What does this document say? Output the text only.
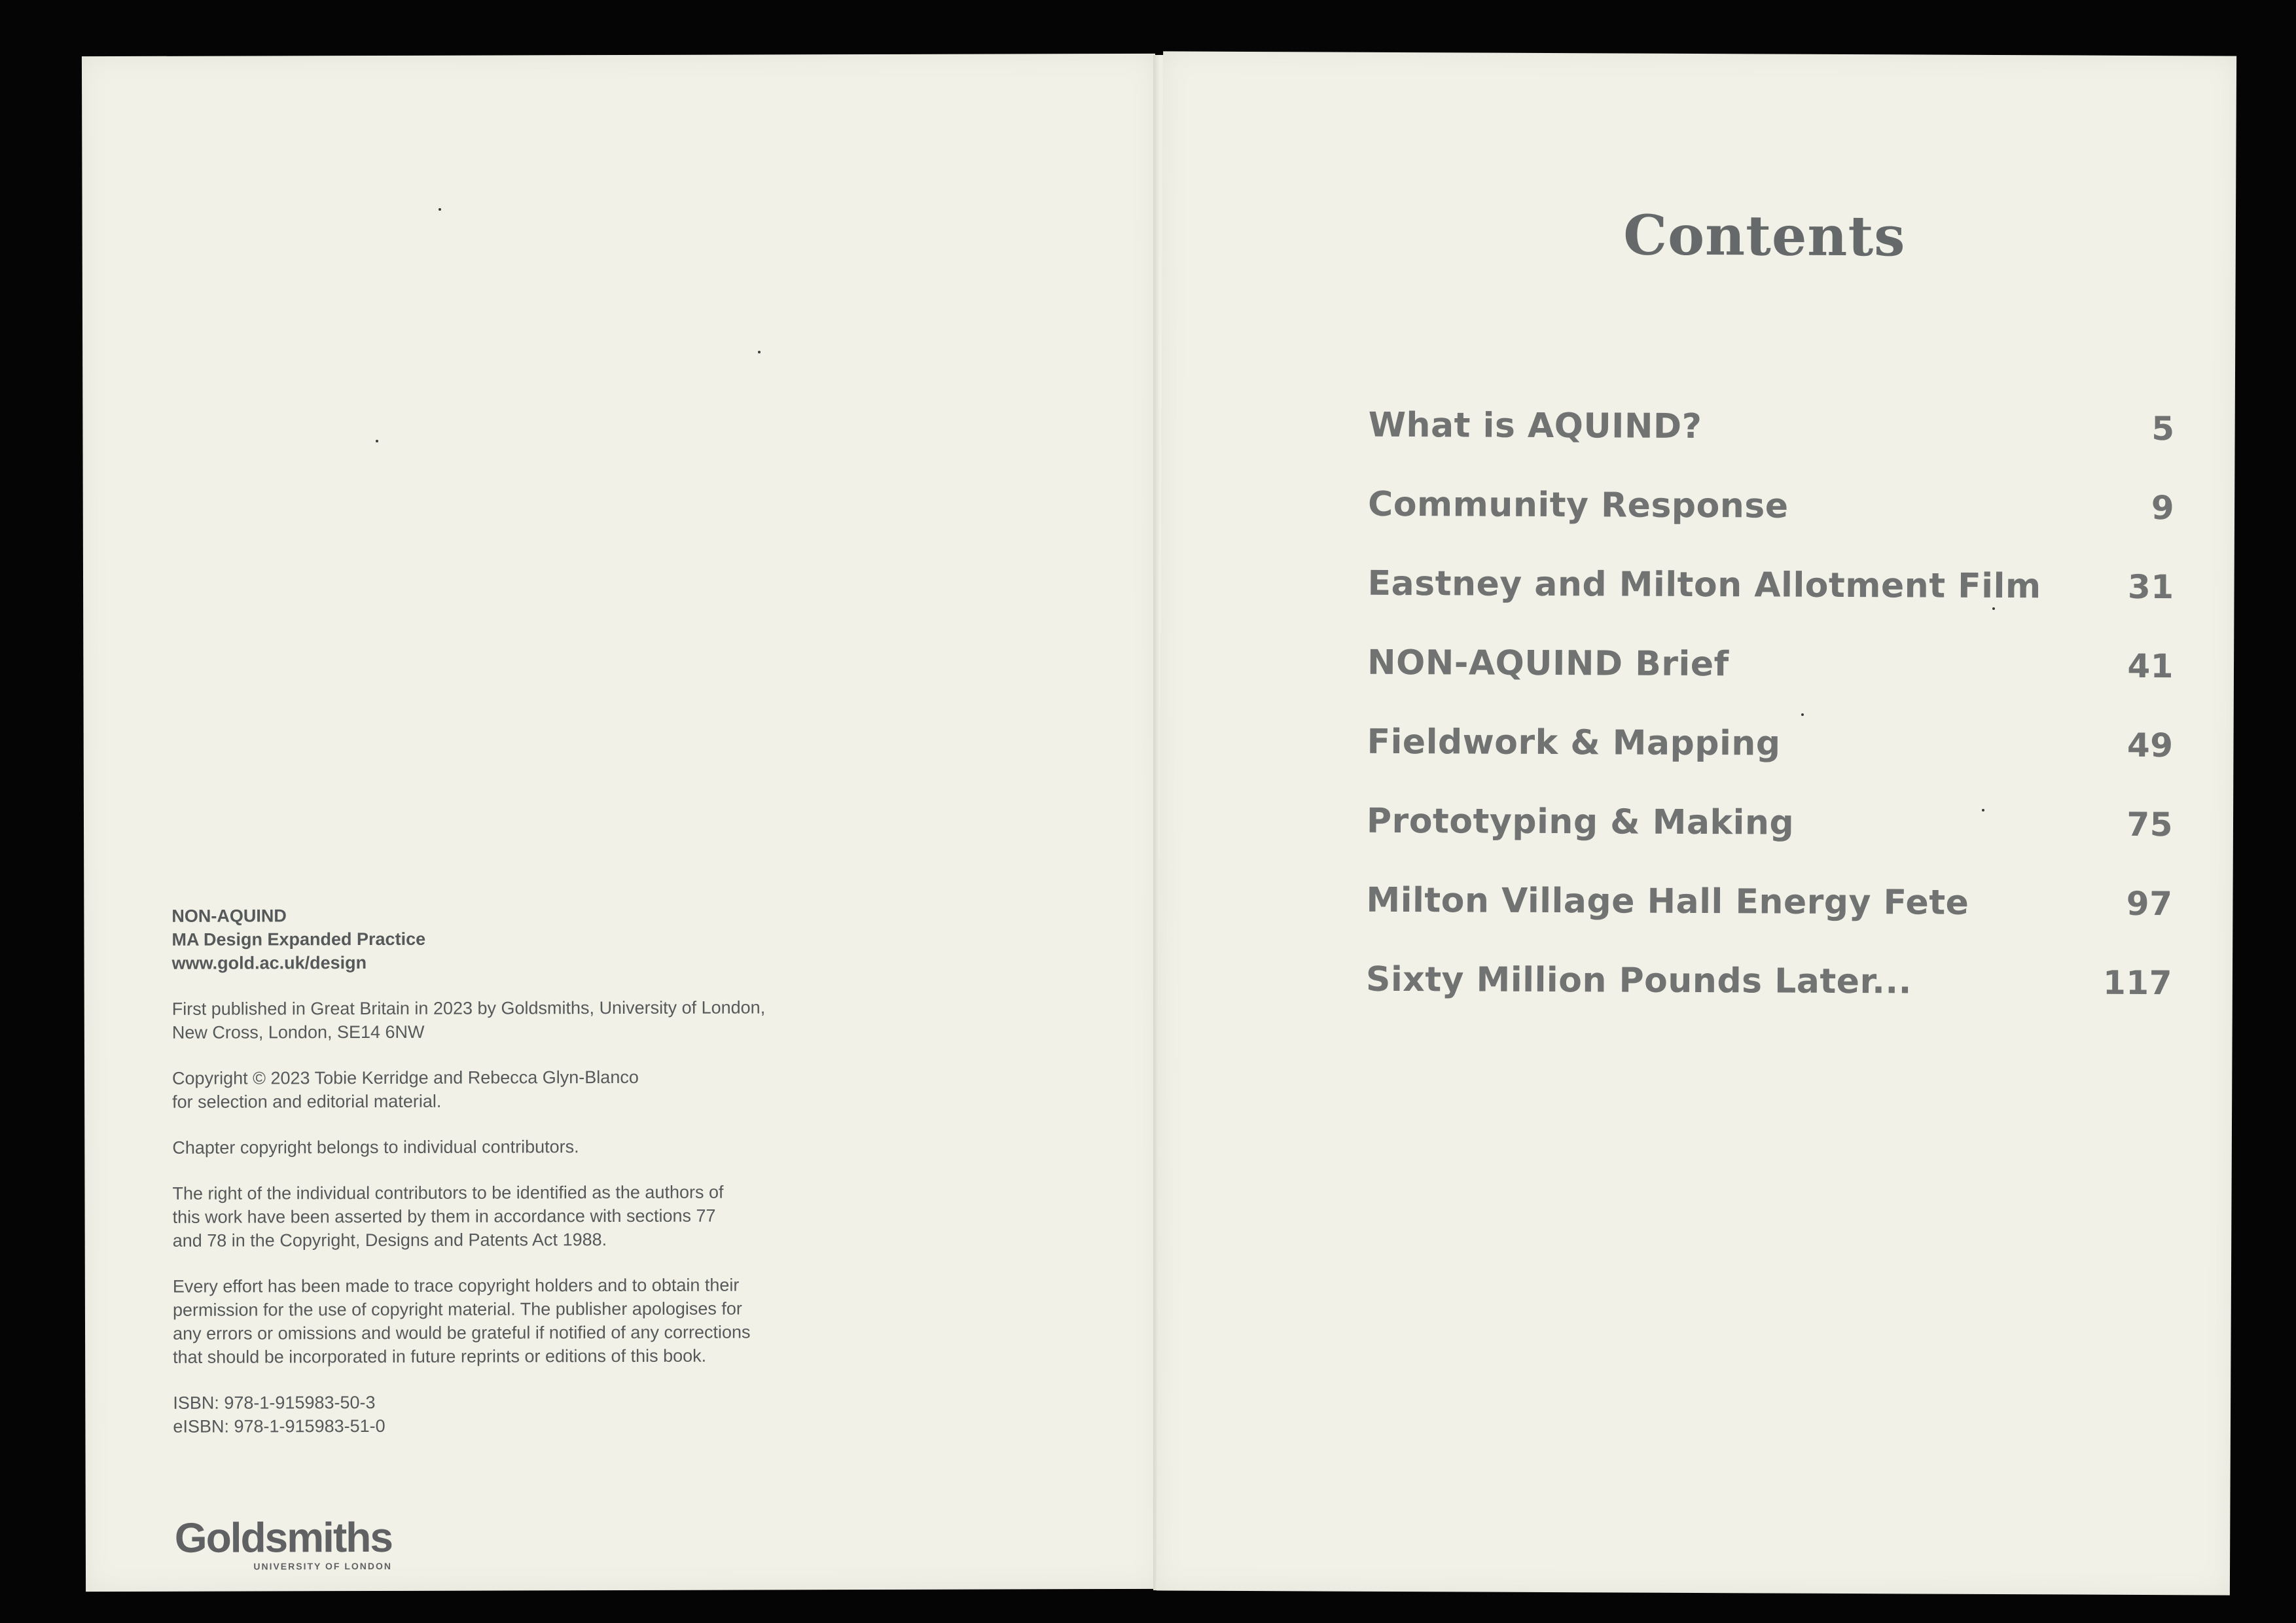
NON-AQUIND
MA Design Expanded Practice
www.gold.ac.uk/design

First published in Great Britain in 2023 by Goldsmiths, University of London,
New Cross, London, SE14 6NW

Copyright © 2023 Tobie Kerridge and Rebecca Glyn-Blanco
for selection and editorial material.

Chapter copyright belongs to individual contributors.

The right of the individual contributors to be identified as the authors of
this work have been asserted by them in accordance with sections 77
and 78 in the Copyright, Designs and Patents Act 1988.

Every effort has been made to trace copyright holders and to obtain their
permission for the use of copyright material. The publisher apologises for
any errors or omissions and would be grateful if notified of any corrections
that should be incorporated in future reprints or editions of this book.

ISBN: 978-1-915983-50-3
eISBN: 978-1-915983-51-0

Goldsmiths
UNIVERSITY OF LONDON
Contents
What is AQUIND?	5
Community Response	9
Eastney and Milton Allotment Film	31
NON-AQUIND Brief	41
Fieldwork & Mapping	49
Prototyping & Making	75
Milton Village Hall Energy Fete	97
Sixty Million Pounds Later...	117
